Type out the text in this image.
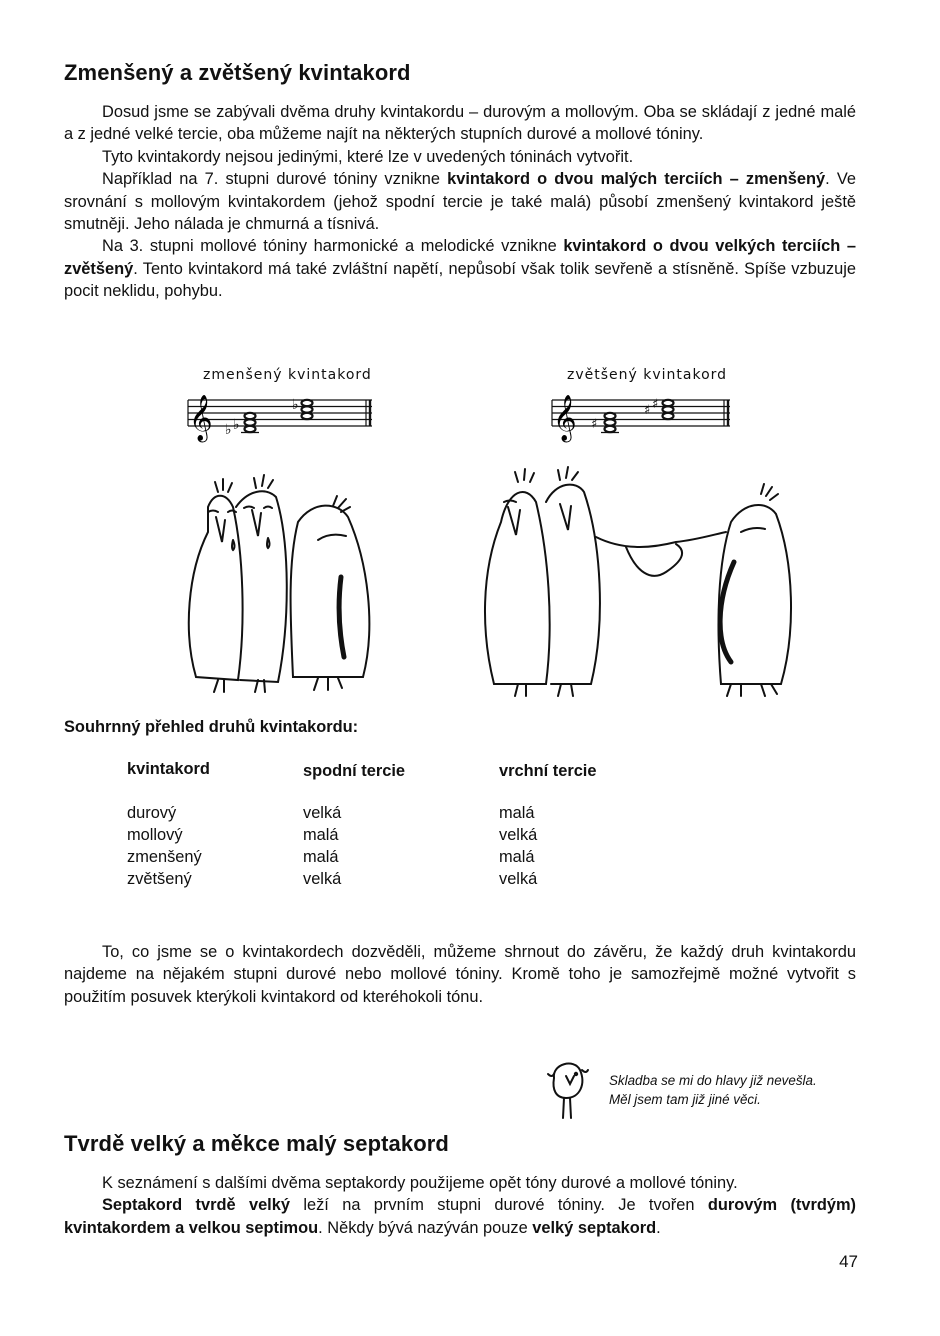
Zmenšený a zvětšený kvintakord

Dosud jsme se zabývali dvěma druhy kvintakordu – durovým a mollovým. Oba se skládají z jedné malé a z jedné velké tercie, oba můžeme najít na některých stupních durové a mollové tóniny.

Tyto kvintakordy nejsou jedinými, které lze v uvedených tóninách vytvořit.

Například na 7. stupni durové tóniny vznikne kvintakord o dvou malých terciích – zmenšený. Ve srovnání s mollovým kvintakordem (jehož spodní tercie je také malá) působí zmenšený kvintakord ještě smutněji. Jeho nálada je chmurná a tísnivá.

Na 3. stupni mollové tóniny harmonické a melodické vznikne kvintakord o dvou velkých terciích – zvětšený. Tento kvintakord má také zvláštní napětí, nepůsobí však tolik sevřeně a stísněně. Spíše vzbuzuje pocit neklidu, pohybu.

zmenšený kvintakord	zvětšený kvintakord
𝄞 ♭ ♭
♭	𝄞 ♯
♯ ♯
Souhrnný přehled druhů kvintakordu:
kvintakord	spodní tercie	vrchní tercie
durový	velká	malá
mollový	malá	velká
zmenšený	malá	malá
zvětšený	velká	velká

To, co jsme se o kvintakordech dozvěděli, můžeme shrnout do závěru, že každý druh kvintakordu najdeme na nějakém stupni durové nebo mollové tóniny. Kromě toho je samozřejmě možné vytvořit s použitím posuvek kterýkoli kvintakord od kteréhokoli tónu.

Skladba se mi do hlavy již nevešla.
Měl jsem tam již jiné věci.
Tvrdě velký a měkce malý septakord

K seznámení s dalšími dvěma septakordy použijeme opět tóny durové a mollové tóniny.

Septakord tvrdě velký leží na prvním stupni durové tóniny. Je tvořen durovým (tvrdým) kvintakordem a velkou septimou. Někdy bývá nazýván pouze velký septakord.

47
